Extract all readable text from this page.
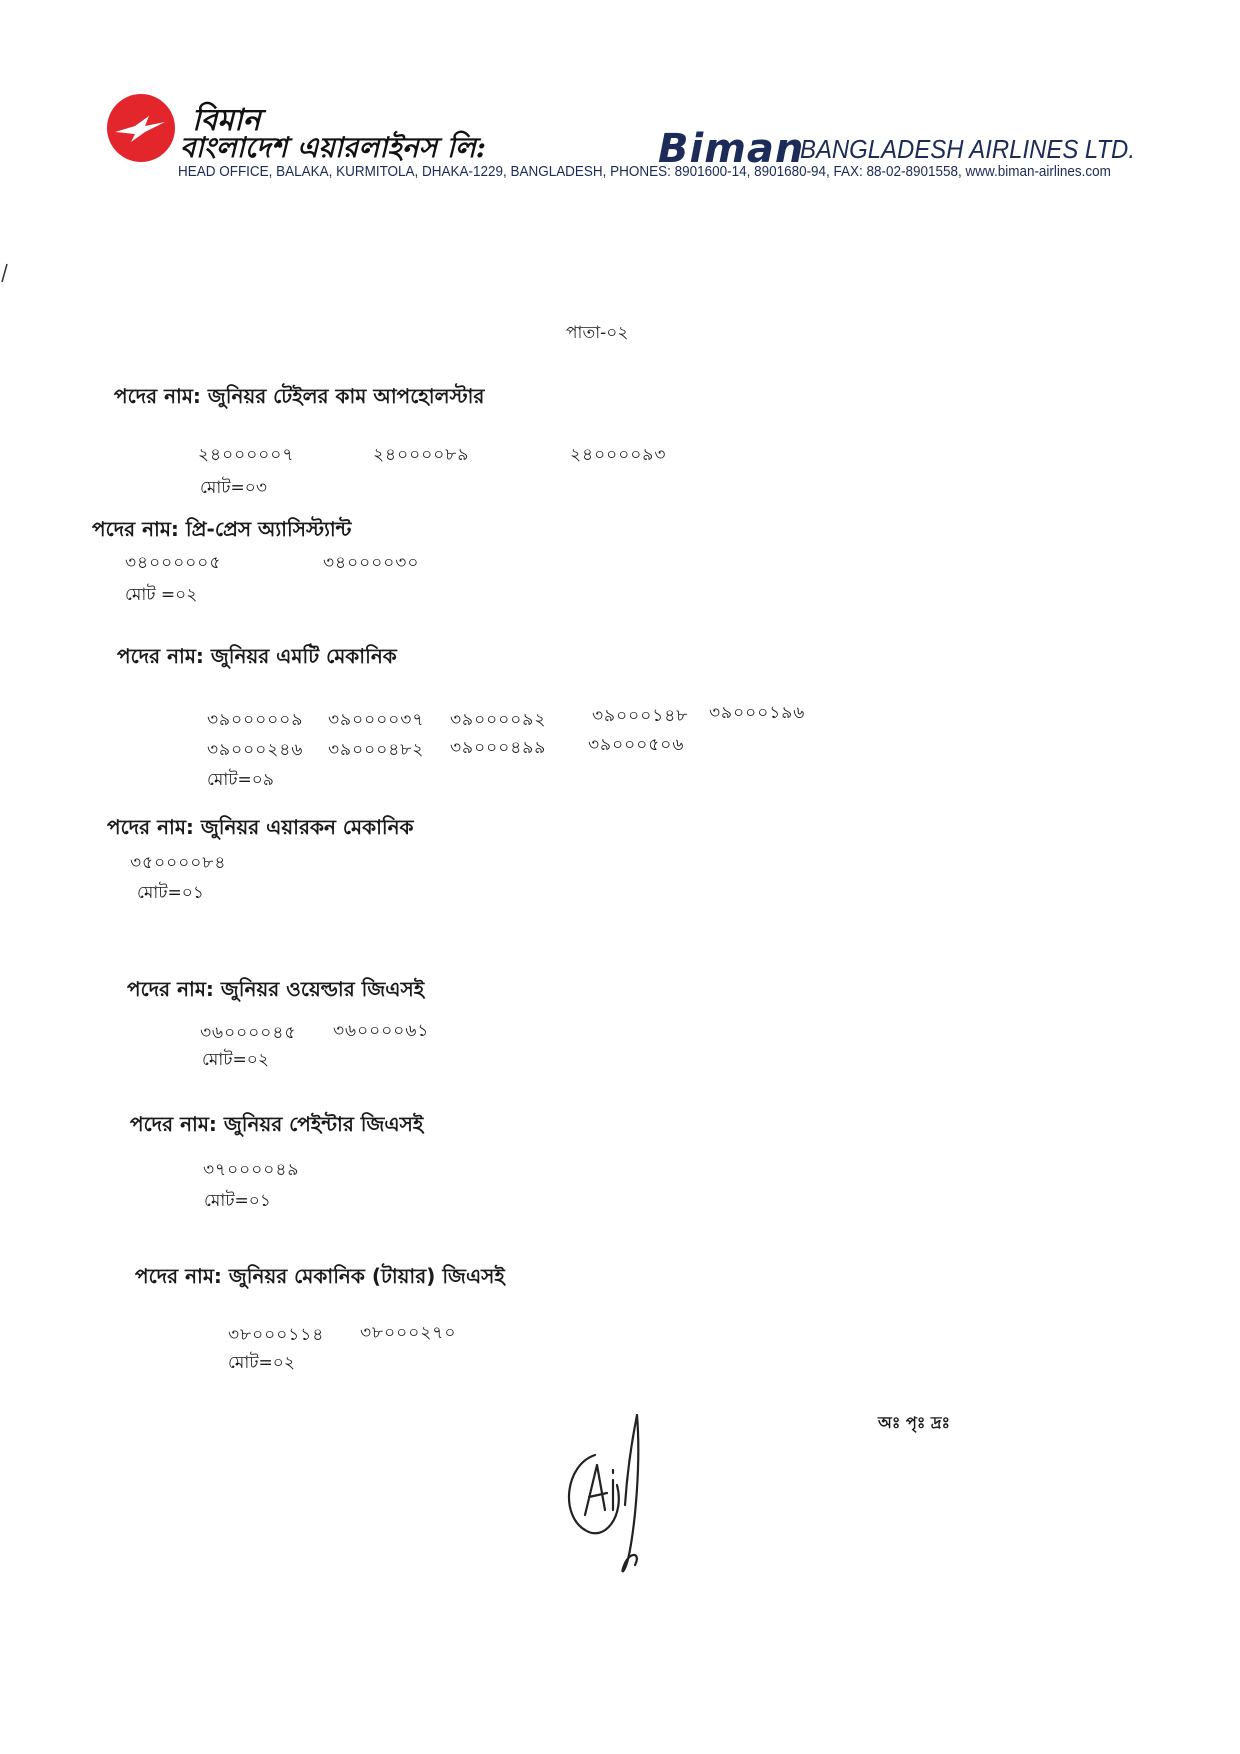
বিমান
বাংলাদেশ এয়ারলাইনস লি:	Biman
BANGLADESH AIRLINES LTD.
HEAD OFFICE, BALAKA, KURMITOLA, DHAKA-1229, BANGLADESH, PHONES: 8901600-14, 8901680-94, FAX: 88-02-8901558, www.biman-airlines.com
পাতা-০২
পদের নাম: জুনিয়র টেইলর কাম আপহোলস্টার
২৪০০০০০৭	২৪০০০০৮৯	২৪০০০০৯৩
মোট=০৩
পদের নাম: প্রি-প্রেস অ্যাসিস্ট্যান্ট
৩৪০০০০০৫	৩৪০০০০৩০
মোট =০২
পদের নাম: জুনিয়র এমটি মেকানিক
৩৯০০০০০৯ ৩৯০০০০৩৭ ৩৯০০০০৯২	৩৯০০০১৪৮ ৩৯০০০১৯৬
৩৯০০০২৪৬ ৩৯০০০৪৮২ ৩৯০০০৪৯৯ ৩৯০০০৫০৬
মোট=০৯
পদের নাম: জুনিয়র এয়ারকন মেকানিক
৩৫০০০০৮৪
মোট=০১
পদের নাম: জুনিয়র ওয়েল্ডার জিএসই
৩৬০০০০৪৫ ৩৬০০০০৬১
মোট=০২
পদের নাম: জুনিয়র পেইন্টার জিএসই
৩৭০০০০৪৯
মোট=০১
পদের নাম: জুনিয়র মেকানিক (টায়ার) জিএসই
৩৮০০০১১৪ ৩৮০০০২৭০
মোট=০২
অঃ পৃঃ দ্রঃ
